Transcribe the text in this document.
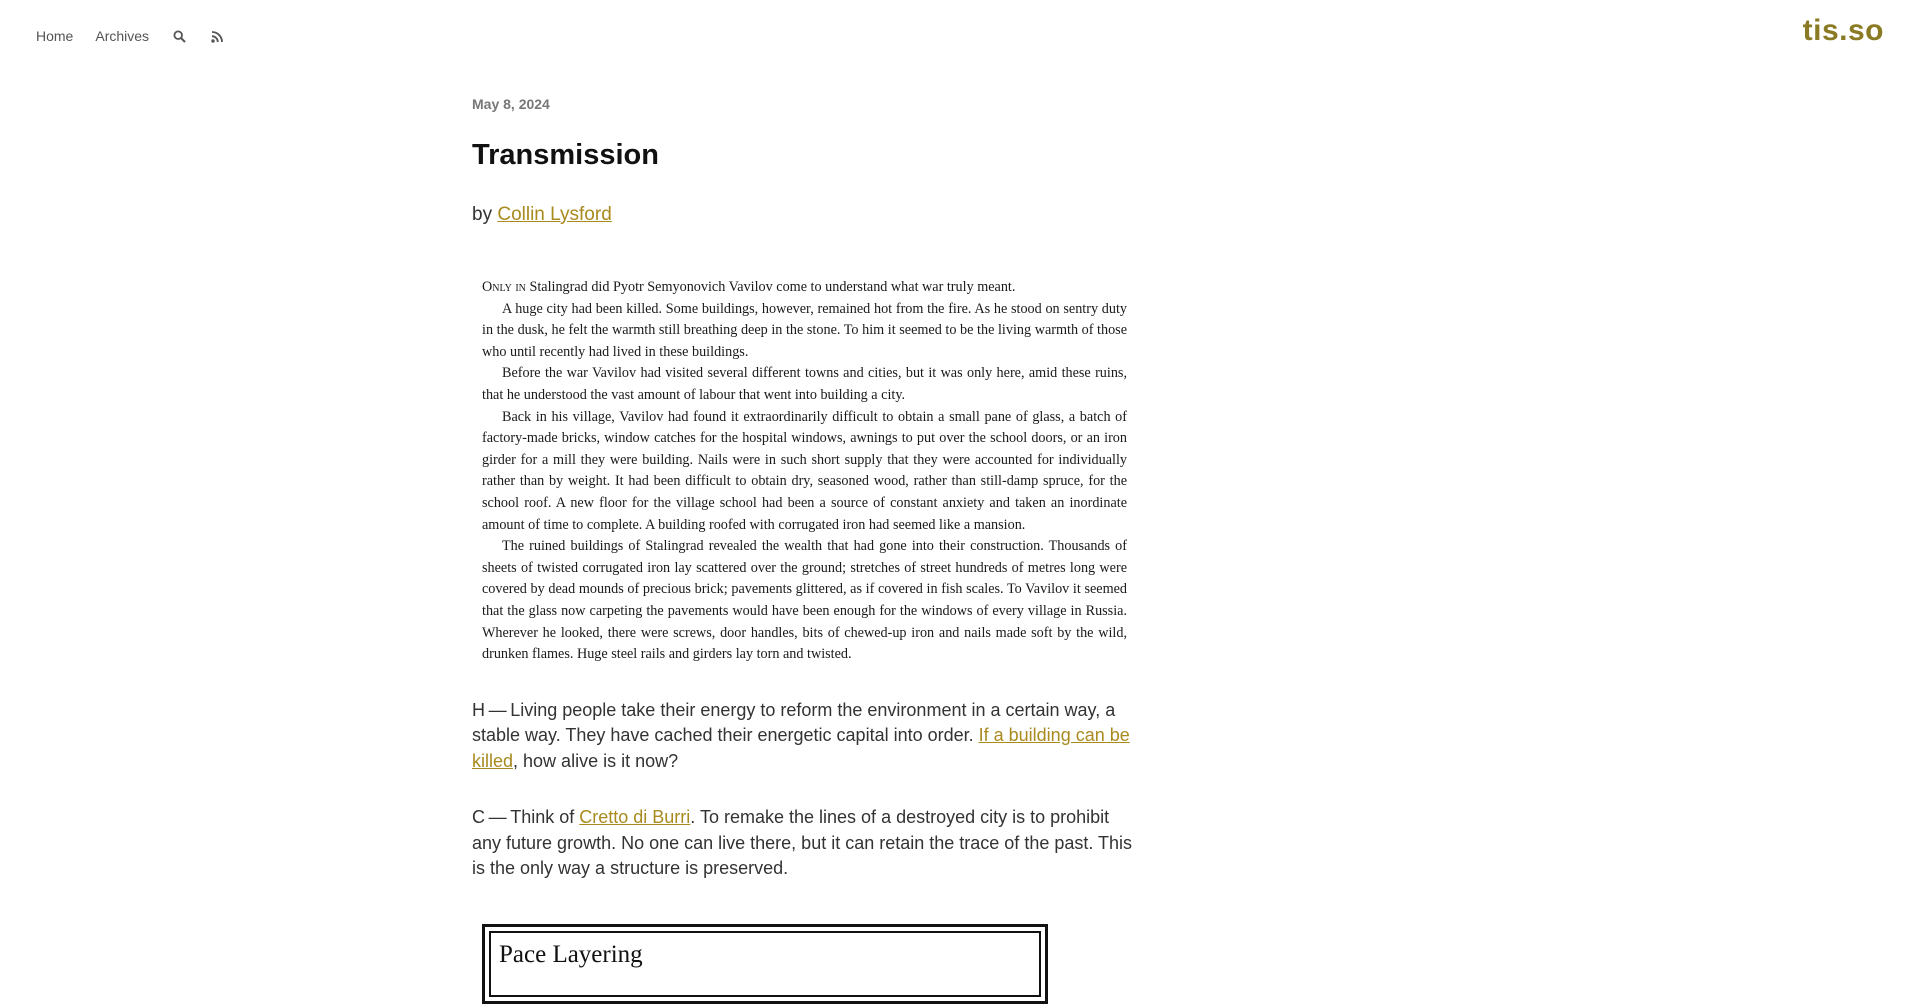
Home Archives	tis.so
May 8, 2024
Transmission
by Collin Lysford

Only in Stalingrad did Pyotr Semyonovich Vavilov come to understand what war truly meant.

A huge city had been killed. Some buildings, however, remained hot from the fire. As he stood on sentry duty in the dusk, he felt the warmth still breathing deep in the stone. To him it seemed to be the living warmth of those who until recently had lived in these buildings.

Before the war Vavilov had visited several different towns and cities, but it was only here, amid these ruins, that he understood the vast amount of labour that went into building a city.

Back in his village, Vavilov had found it extraordinarily difficult to obtain a small pane of glass, a batch of factory-made bricks, window catches for the hospital windows, awnings to put over the school doors, or an iron girder for a mill they were building. Nails were in such short supply that they were accounted for individually rather than by weight. It had been difficult to obtain dry, seasoned wood, rather than still-damp spruce, for the school roof. A new floor for the village school had been a source of constant anxiety and taken an inordinate amount of time to complete. A building roofed with corrugated iron had seemed like a mansion.

The ruined buildings of Stalingrad revealed the wealth that had gone into their construction. Thousands of sheets of twisted corrugated iron lay scattered over the ground; stretches of street hundreds of metres long were covered by dead mounds of precious brick; pavements glittered, as if covered in fish scales. To Vavilov it seemed that the glass now carpeting the pavements would have been enough for the windows of every village in Russia. Wherever he looked, there were screws, door handles, bits of chewed-up iron and nails made soft by the wild, drunken flames. Huge steel rails and girders lay torn and twisted.

H — Living people take their energy to reform the environment in a certain way, a stable way. They have cached their energetic capital into order. If a building can be killed, how alive is it now?

C — Think of Cretto di Burri. To remake the lines of a destroyed city is to prohibit any future growth. No one can live there, but it can retain the trace of the past. This is the only way a structure is preserved.

Pace Layering
